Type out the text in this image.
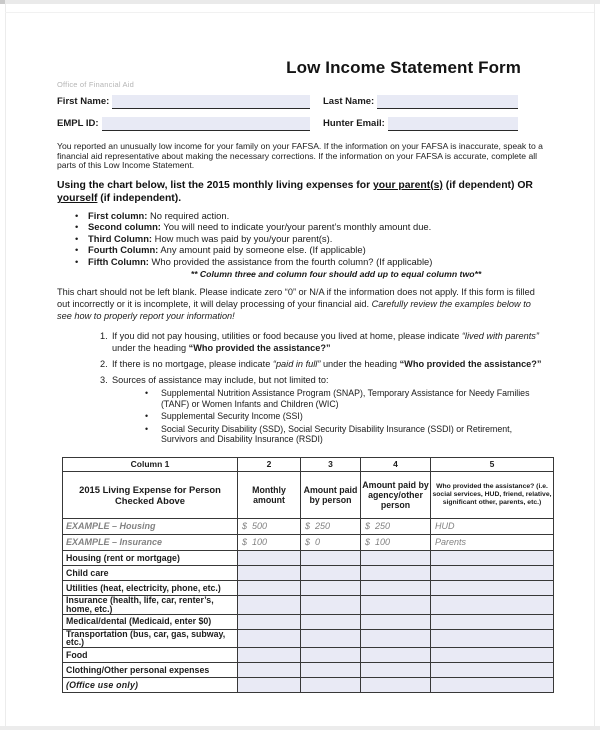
Low Income Statement Form
Office of Financial Aid
First Name:	Last Name:
EMPL ID:	Hunter Email:

You reported an unusually low income for your family on your FAFSA. If the information on your FAFSA is inaccurate, speak to a financial aid representative about making the necessary corrections. If the information on your FAFSA is accurate, complete all parts of this Low Income Statement.

Using the chart below, list the 2015 monthly living expenses for your parent(s) (if dependent) OR yourself (if independent).

• First column: No required action.
• Second column: You will need to indicate your/your parent’s monthly amount due.
• Third Column: How much was paid by you/your parent(s).
• Fourth Column: Any amount paid by someone else. (If applicable)
• Fifth Column: Who provided the assistance from the fourth column? (If applicable)

** Column three and column four should add up to equal column two**

This chart should not be left blank. Please indicate zero “0” or N/A if the information does not apply. If this form is filled out incorrectly or it is incomplete, it will delay processing of your financial aid. Carefully review the examples below to see how to properly report your information!

1. If you did not pay housing, utilities or food because you lived at home, please indicate “lived with parents” under the heading “Who provided the assistance?”
2. If there is no mortgage, please indicate “paid in full” under the heading “Who provided the assistance?”
3. Sources of assistance may include, but not limited to:
•	Supplemental Nutrition Assistance Program (SNAP), Temporary Assistance for Needy Families (TANF) or Women Infants and Children (WIC)
•	Supplemental Security Income (SSI)
•	Social Security Disability (SSD), Social Security Disability Insurance (SSDI) or Retirement, Survivors and Disability Insurance (RSDI)
Column 1	2	3	4	5
2015 Living Expense for Person Checked Above	Monthly amount	Amount paid by person	Amount paid by agency/other person	Who provided the assistance? (i.e. social services, HUD, friend, relative, significant other, parents, etc.)
EXAMPLE – Housing	$  500	$  250	$  250	HUD
EXAMPLE – Insurance	$  100	$  0	$  100	Parents
Housing (rent or mortgage)				
Child care				
Utilities (heat, electricity, phone, etc.)				
Insurance (health, life, car, renter’s, home, etc.)				
Medical/dental (Medicaid, enter $0)				
Transportation (bus, car, gas, subway, etc.)				
Food				
Clothing/Other personal expenses				
(Office use only)				
